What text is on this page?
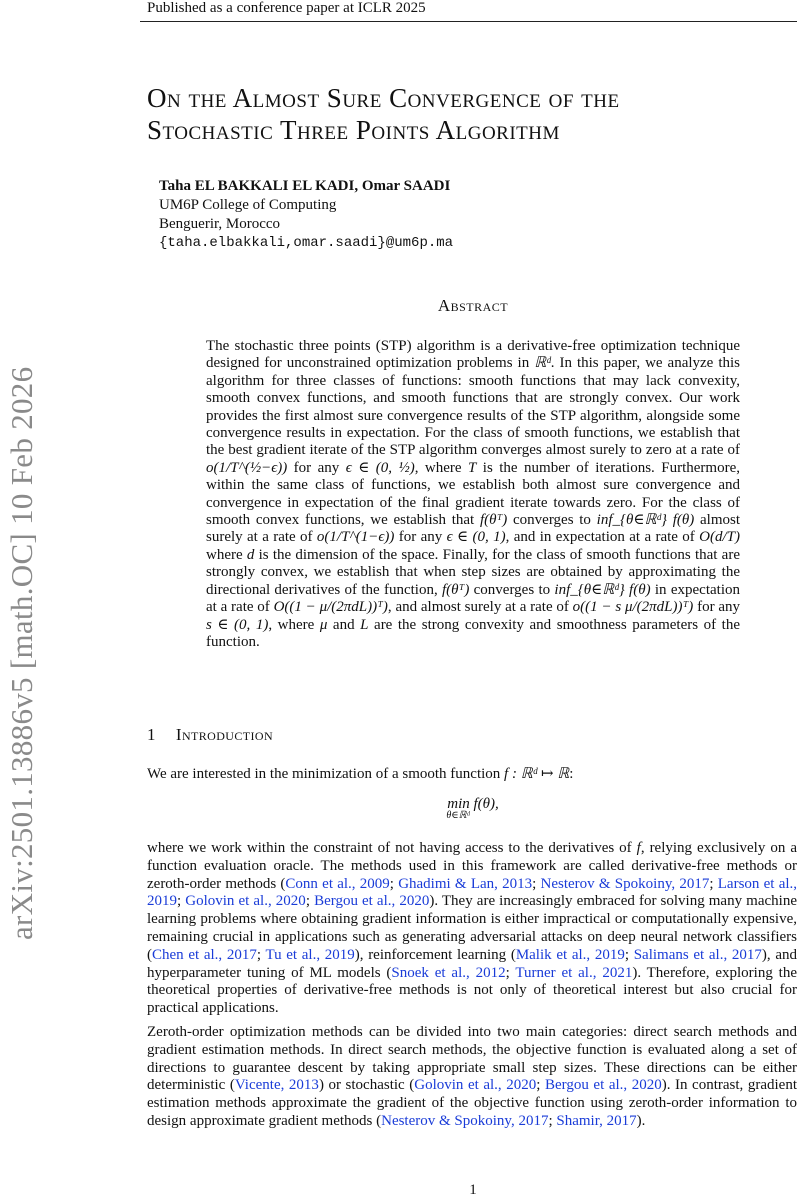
Published as a conference paper at ICLR 2025
arXiv:2501.13886v5 [math.OC] 10 Feb 2026
On the Almost Sure Convergence of the
Stochastic Three Points Algorithm
Taha EL BAKKALI EL KADI, Omar SAADI
UM6P College of Computing
Benguerir, Morocco
{taha.elbakkali,omar.saadi}@um6p.ma
Abstract
The stochastic three points (STP) algorithm is a derivative-free optimization technique designed for unconstrained optimization problems in ℝᵈ. In this paper, we analyze this algorithm for three classes of functions: smooth functions that may lack convexity, smooth convex functions, and smooth functions that are strongly convex. Our work provides the first almost sure convergence results of the STP algorithm, alongside some convergence results in expectation. For the class of smooth functions, we establish that the best gradient iterate of the STP algorithm converges almost surely to zero at a rate of o(1/T^(½−ϵ)) for any ϵ ∈ (0, ½), where T is the number of iterations. Furthermore, within the same class of functions, we establish both almost sure convergence and convergence in expectation of the final gradient iterate towards zero. For the class of smooth convex functions, we establish that f(θᵀ) converges to inf_{θ∈ℝᵈ} f(θ) almost surely at a rate of o(1/T^(1−ϵ)) for any ϵ ∈ (0, 1), and in expectation at a rate of O(d/T) where d is the dimension of the space. Finally, for the class of smooth functions that are strongly convex, we establish that when step sizes are obtained by approximating the directional derivatives of the function, f(θᵀ) converges to inf_{θ∈ℝᵈ} f(θ) in expectation at a rate of O((1 − μ/(2πdL))ᵀ), and almost surely at a rate of o((1 − s μ/(2πdL))ᵀ) for any s ∈ (0, 1), where μ and L are the strong convexity and smoothness parameters of the function.
1 Introduction
We are interested in the minimization of a smooth function f : ℝᵈ ↦ ℝ:
min f(θ),
θ∈ℝᵈ
where we work within the constraint of not having access to the derivatives of f, relying exclusively on a function evaluation oracle. The methods used in this framework are called derivative-free methods or zeroth-order methods (Conn et al., 2009; Ghadimi & Lan, 2013; Nesterov & Spokoiny, 2017; Larson et al., 2019; Golovin et al., 2020; Bergou et al., 2020). They are increasingly embraced for solving many machine learning problems where obtaining gradient information is either impractical or computationally expensive, remaining crucial in applications such as generating adversarial attacks on deep neural network classifiers (Chen et al., 2017; Tu et al., 2019), reinforcement learning (Malik et al., 2019; Salimans et al., 2017), and hyperparameter tuning of ML models (Snoek et al., 2012; Turner et al., 2021). Therefore, exploring the theoretical properties of derivative-free methods is not only of theoretical interest but also crucial for practical applications.
Zeroth-order optimization methods can be divided into two main categories: direct search methods and gradient estimation methods. In direct search methods, the objective function is evaluated along a set of directions to guarantee descent by taking appropriate small step sizes. These directions can be either deterministic (Vicente, 2013) or stochastic (Golovin et al., 2020; Bergou et al., 2020). In contrast, gradient estimation methods approximate the gradient of the objective function using zeroth-order information to design approximate gradient methods (Nesterov & Spokoiny, 2017; Shamir, 2017).
1
